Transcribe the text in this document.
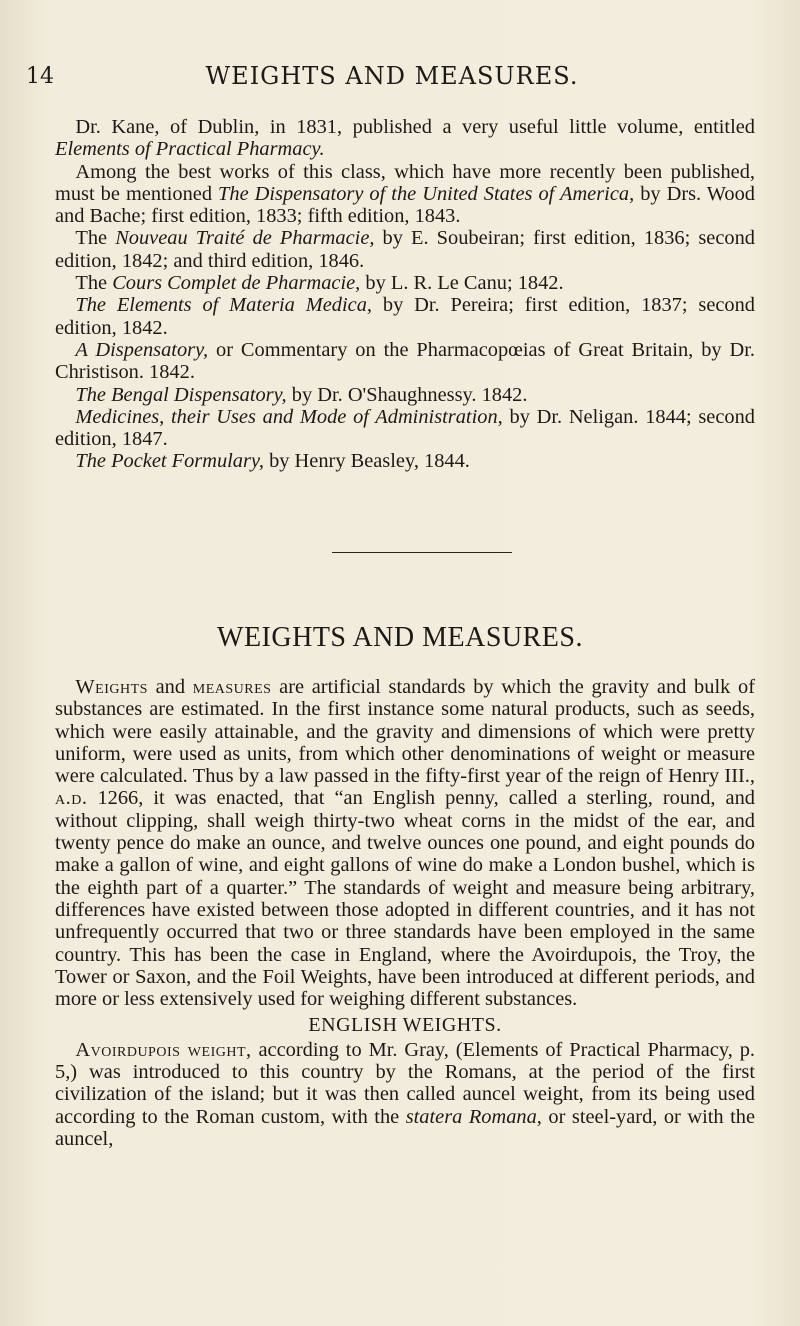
14	WEIGHTS AND MEASURES.

 Dr. Kane, of Dublin, in 1831, published a very useful little volume, entitled Elements of Practical Pharmacy.

 Among the best works of this class, which have more recently been published, must be mentioned The Dispensatory of the United States of America, by Drs. Wood and Bache; first edition, 1833; fifth edition, 1843.

 The Nouveau Traité de Pharmacie, by E. Soubeiran; first edition, 1836; second edition, 1842; and third edition, 1846.

 The Cours Complet de Pharmacie, by L. R. Le Canu; 1842.

 The Elements of Materia Medica, by Dr. Pereira; first edition, 1837; second edition, 1842.

 A Dispensatory, or Commentary on the Pharmacopœias of Great Britain, by Dr. Christison. 1842.

 The Bengal Dispensatory, by Dr. O'Shaughnessy. 1842.

 Medicines, their Uses and Mode of Administration, by Dr. Neligan. 1844; second edition, 1847.

 The Pocket Formulary, by Henry Beasley, 1844.

WEIGHTS AND MEASURES.

 Weights and measures are artificial standards by which the gravity and bulk of substances are estimated. In the first instance some natural products, such as seeds, which were easily attainable, and the gravity and dimensions of which were pretty uniform, were used as units, from which other denominations of weight or measure were calculated. Thus by a law passed in the fifty-first year of the reign of Henry III., a.d. 1266, it was enacted, that “an English penny, called a sterling, round, and without clipping, shall weigh thirty-two wheat corns in the midst of the ear, and twenty pence do make an ounce, and twelve ounces one pound, and eight pounds do make a gallon of wine, and eight gallons of wine do make a London bushel, which is the eighth part of a quarter.” The standards of weight and measure being arbitrary, differences have existed between those adopted in different countries, and it has not unfrequently occurred that two or three standards have been employed in the same country. This has been the case in England, where the Avoirdupois, the Troy, the Tower or Saxon, and the Foil Weights, have been introduced at different periods, and more or less extensively used for weighing different substances.

ENGLISH WEIGHTS.

 Avoirdupois weight, according to Mr. Gray, (Elements of Practical Pharmacy, p. 5,) was introduced to this country by the Romans, at the period of the first civilization of the island; but it was then called auncel weight, from its being used according to the Roman custom, with the statera Romana, or steel-yard, or with the auncel,
